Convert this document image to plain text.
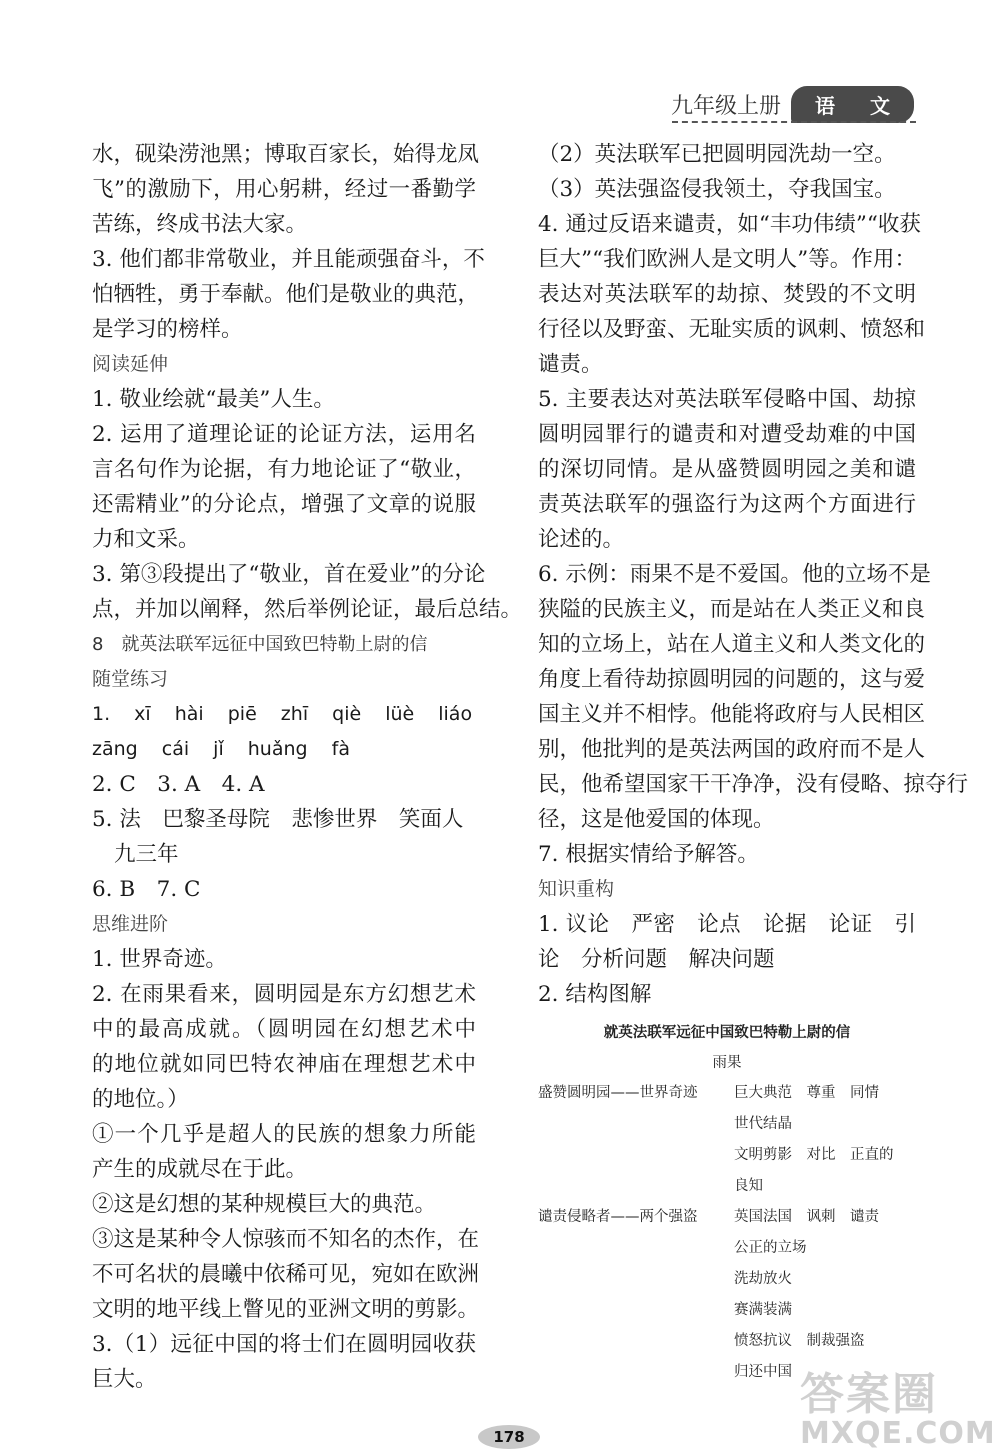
九年级上册	语 文
水，砚染涝池黑；博取百家长，始得龙凤
飞”的激励下，用心躬耕，经过一番勤学
苦练，终成书法大家。
3. 他们都非常敬业，并且能顽强奋斗，不
怕牺牲，勇于奉献。他们是敬业的典范，
是学习的榜样。
阅读延伸
1. 敬业绘就“最美”人生。
2. 运用了道理论证的论证方法，运用名
言名句作为论据，有力地论证了“敬业，
还需精业”的分论点，增强了文章的说服
力和文采。
3. 第③段提出了“敬业，首在爱业”的分论
点，并加以阐释，然后举例论证，最后总结。
8　就英法联军远征中国致巴特勒上尉的信
随堂练习
1. xī hài piē zhī qiè lüè liáo
zāng cái jǐ huǎng fà
2. C　3. A　4. A
5. 法　巴黎圣母院　悲惨世界　笑面人
九三年
6. B　7. C
思维进阶
1. 世界奇迹。
2. 在雨果看来，圆明园是东方幻想艺术
中的最高成就。（圆明园在幻想艺术中
的地位就如同巴特农神庙在理想艺术中
的地位。）
①一个几乎是超人的民族的想象力所能
产生的成就尽在于此。
②这是幻想的某种规模巨大的典范。
③这是某种令人惊骇而不知名的杰作，在
不可名状的晨曦中依稀可见，宛如在欧洲
文明的地平线上瞥见的亚洲文明的剪影。
3.（1）远征中国的将士们在圆明园收获
巨大。
（2）英法联军已把圆明园洗劫一空。
（3）英法强盗侵我领土，夺我国宝。
4. 通过反语来谴责，如“丰功伟绩”“收获
巨大”“我们欧洲人是文明人”等。作用：
表达对英法联军的劫掠、焚毁的不文明
行径以及野蛮、无耻实质的讽刺、愤怒和
谴责。
5. 主要表达对英法联军侵略中国、劫掠
圆明园罪行的谴责和对遭受劫难的中国
的深切同情。是从盛赞圆明园之美和谴
责英法联军的强盗行为这两个方面进行
论述的。
6. 示例：雨果不是不爱国。他的立场不是
狭隘的民族主义，而是站在人类正义和良
知的立场上，站在人道主义和人类文化的
角度上看待劫掠圆明园的问题的，这与爱
国主义并不相悖。他能将政府与人民相区
别，他批判的是英法两国的政府而不是人
民，他希望国家干干净净，没有侵略、掠夺行
径，这是他爱国的体现。
7. 根据实情给予解答。
知识重构
1. 议论　严密　论点　论据　论证　引
论　分析问题　解决问题
2. 结构图解
就英法联军远征中国致巴特勒上尉的信
雨果
盛赞圆明园——世界奇迹	巨大典范　尊重　同情
世代结晶
文明剪影　对比　正直的
良知
谴责侵略者——两个强盗	英国法国　讽刺　谴责
公正的立场
洗劫放火
赛满装满
愤怒抗议　制裁强盗
归还中国
178
答案圈
MXQE.COM
